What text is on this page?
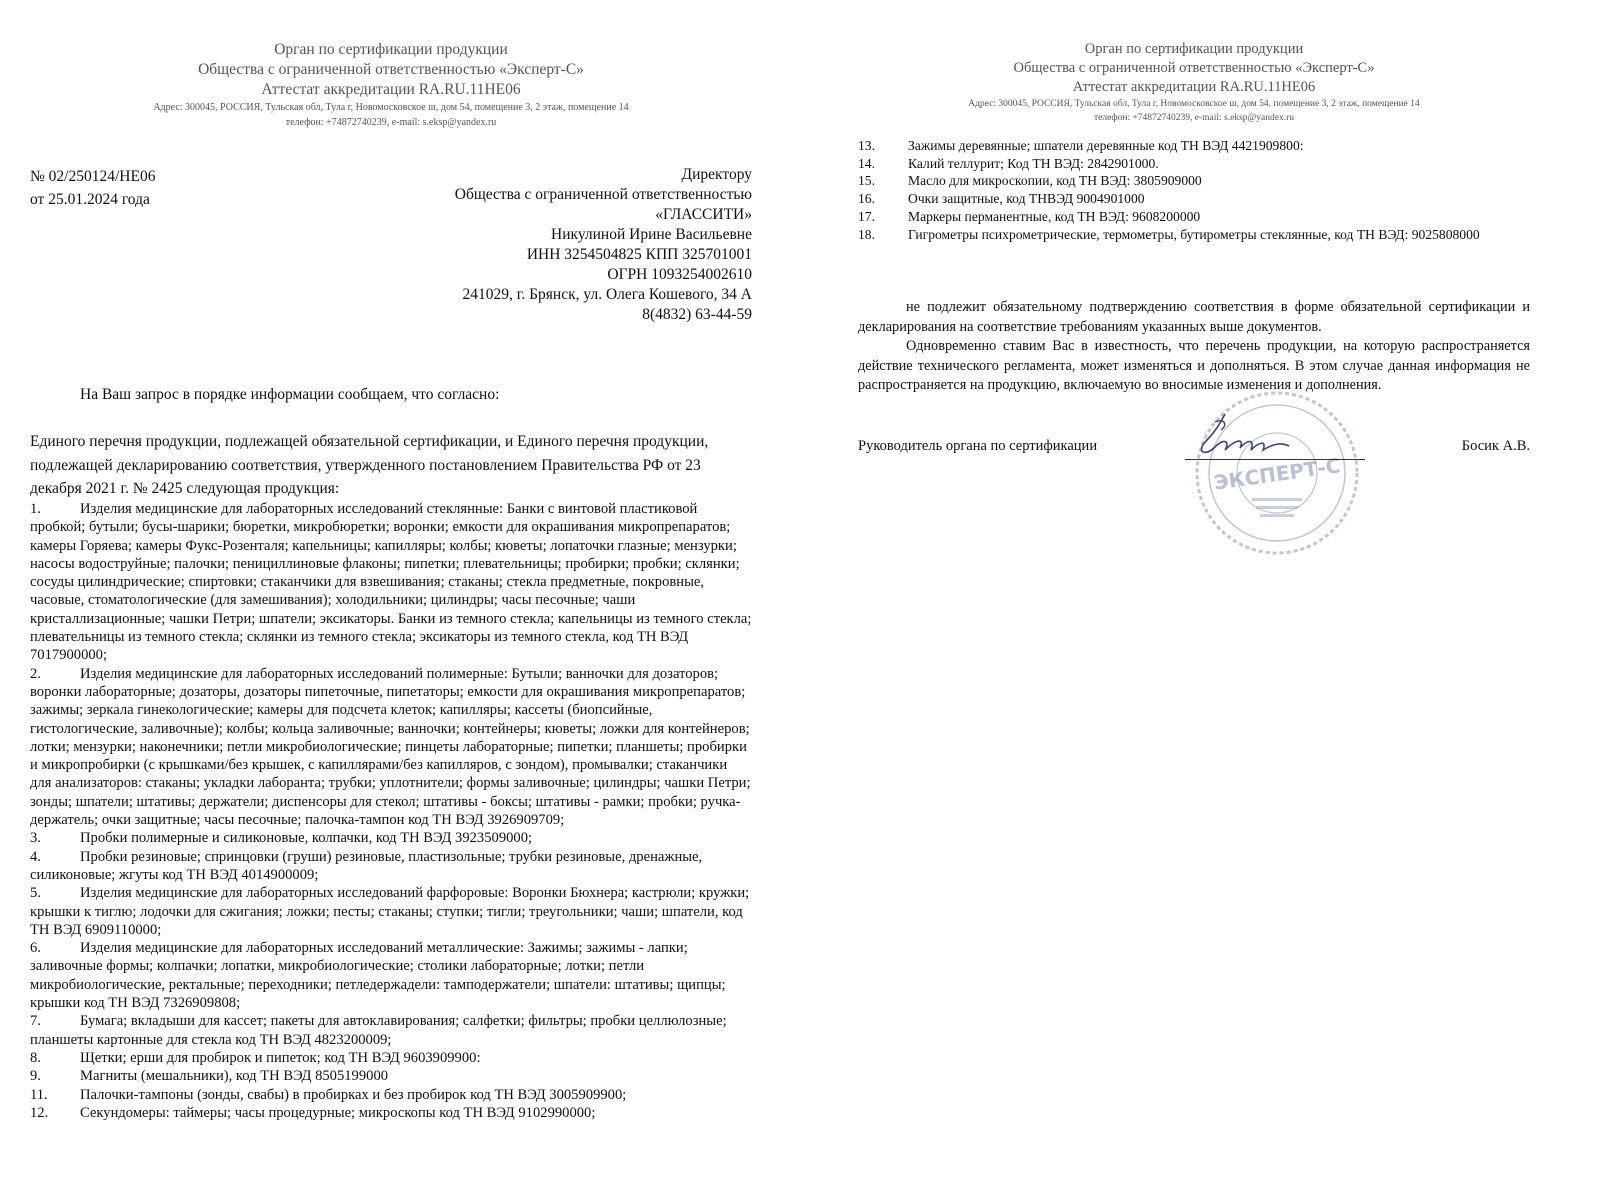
Орган по сертификации продукции
Общества с ограниченной ответственностью «Эксперт-С»
Аттестат аккредитации RA.RU.11НЕ06
Адрес: 300045, РОССИЯ, Тульская обл, Тула г, Новомосковское ш, дом 54, помещение 3, 2 этаж, помещение 14
телефон: +74872740239, e-mail: s.eksp@yandex.ru
Орган по сертификации продукции
Общества с ограниченной ответственностью «Эксперт-С»
Аттестат аккредитации RA.RU.11НЕ06
Адрес: 300045, РОССИЯ, Тульская обл, Тула г, Новомосковское ш, дом 54, помещение 3, 2 этаж, помещение 14
телефон: +74872740239, e-mail: s.eksp@yandex.ru
№ 02/250124/НЕ06
от 25.01.2024 года
Директору
Общества с ограниченной ответственностью
«ГЛАССИТИ»
Никулиной Ирине Васильевне
ИНН 3254504825 КПП 325701001
ОГРН 1093254002610
241029, г. Брянск, ул. Олега Кошевого, 34 А
8(4832) 63-44-59
На Ваш запрос в порядке информации сообщаем, что согласно:
Единого перечня продукции, подлежащей обязательной сертификации, и Единого перечня продукции, подлежащей декларированию соответствия, утвержденного постановлением Правительства РФ от 23 декабря 2021 г. № 2425 следующая продукция:

1.	Изделия медицинские для лабораторных исследований стеклянные: Банки с винтовой пластиковой пробкой; бутыли; бусы-шарики; бюретки, микробюретки; воронки; емкости для окрашивания микропрепаратов; камеры Горяева; камеры Фукс-Розенталя; капельницы; капилляры; колбы; кюветы; лопаточки глазные; мензурки; насосы водоструйные; палочки; пенициллиновые флаконы; пипетки; плевательницы; пробирки; пробки; склянки; сосуды цилиндрические; спиртовки; стаканчики для взвешивания; стаканы; стекла предметные, покровные, часовые, стоматологические (для замешивания); холодильники; цилиндры; часы песочные; чаши кристаллизационные; чашки Петри; шпатели; эксикаторы. Банки из темного стекла; капельницы из темного стекла; плевательницы из темного стекла; склянки из темного стекла; эксикаторы из темного стекла, код ТН ВЭД 7017900000;

2.	Изделия медицинские для лабораторных исследований полимерные: Бутыли; ванночки для дозаторов; воронки лабораторные; дозаторы, дозаторы пипеточные, пипетаторы; емкости для окрашивания микропрепаратов; зажимы; зеркала гинекологические; камеры для подсчета клеток; капилляры; кассеты (биопсийные, гистологические, заливочные); колбы; кольца заливочные; ванночки; контейнеры; кюветы; ложки для контейнеров; лотки; мензурки; наконечники; петли микробиологические; пинцеты лабораторные; пипетки; планшеты; пробирки и микропробирки (с крышками/без крышек, с капиллярами/без капилляров, с зондом), промывалки; стаканчики для анализаторов: стаканы; укладки лаборанта; трубки; уплотнители; формы заливочные; цилиндры; чашки Петри; зонды; шпатели; штативы; держатели; диспенсоры для стекол; штативы - боксы; штативы - рамки; пробки; ручка-держатель; очки защитные; часы песочные; палочка-тампон код ТН ВЭД 3926909709;

3.	Пробки полимерные и силиконовые, колпачки, код ТН ВЭД 3923509000;

4.	Пробки резиновые; спринцовки (груши) резиновые, пластизольные; трубки резиновые, дренажные, силиконовые; жгуты код ТН ВЭД 4014900009;

5.	Изделия медицинские для лабораторных исследований фарфоровые: Воронки Бюхнера; кастрюли; кружки; крышки к тиглю; лодочки для сжигания; ложки; песты; стаканы; ступки; тигли; треугольники; чаши; шпатели, код ТН ВЭД 6909110000;

6.	Изделия медицинские для лабораторных исследований металлические: Зажимы; зажимы - лапки; заливочные формы; колпачки; лопатки, микробиологические; столики лабораторные; лотки; петли микробиологические, ректальные; переходники; петледержадели: тамподержатели; шпатели: штативы; щипцы; крышки код ТН ВЭД 7326909808;

7.	Бумага; вкладыши для кассет; пакеты для автоклавирования; салфетки; фильтры; пробки целлюлозные; планшеты картонные для стекла код ТН ВЭД 4823200009;

8.	Щетки; ерши для пробирок и пипеток; код ТН ВЭД 9603909900:

9.	Магниты (мешальники), код ТН ВЭД 8505199000

11. Палочки-тампоны (зонды, свабы) в пробирках и без пробирок код ТН ВЭД 3005909900;

12. Секундомеры: таймеры; часы процедурные; микроскопы код ТН ВЭД 9102990000;

13. Зажимы деревянные; шпатели деревянные код ТН ВЭД 4421909800:

14. Калий теллурит; Код ТН ВЭД: 2842901000.

15. Масло для микроскопии, код ТН ВЭД: 3805909000

16. Очки защитные, код ТНВЭД 9004901000

17. Маркеры перманентные, код ТН ВЭД: 9608200000

18. Гигрометры психрометрические, термометры, бутирометры стеклянные, код ТН ВЭД: 9025808000

не подлежит обязательному подтверждению соответствия в форме обязательной сертификации и декларирования на соответствие требованиям указанных выше документов.

Одновременно ставим Вас в известность, что перечень продукции, на которую распространяется действие технического регламента, может изменяться и дополняться. В этом случае данная информация не распространяется на продукцию, включаемую во вносимые изменения и дополнения.

ЭКСПЕРТ-С
Руководитель органа по сертификации	Босик А.В.
